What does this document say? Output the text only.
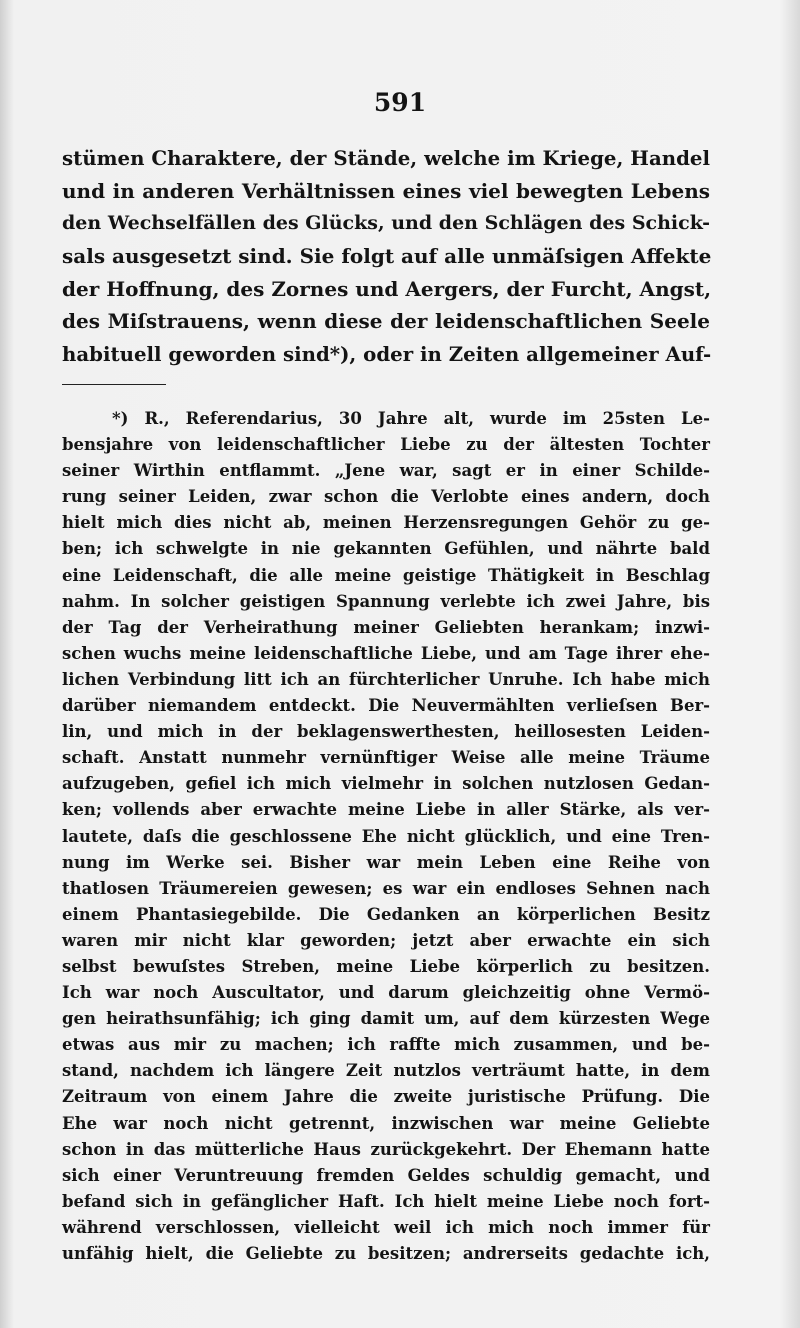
591
stümen Charaktere, der Stände, welche im Kriege, Handel
und in anderen Verhältnissen eines viel bewegten Lebens
den Wechselfällen des Glücks, und den Schlägen des Schick-
sals ausgesetzt sind. Sie folgt auf alle unmäſsigen Affekte
der Hoffnung, des Zornes und Aergers, der Furcht, Angst,
des Miſstrauens, wenn diese der leidenschaftlichen Seele
habituell geworden sind*), oder in Zeiten allgemeiner Auf-
*) R., Referendarius, 30 Jahre alt, wurde im 25sten Le-
bensjahre von leidenschaftlicher Liebe zu der ältesten Tochter
seiner Wirthin entflammt. „Jene war, sagt er in einer Schilde-
rung seiner Leiden, zwar schon die Verlobte eines andern, doch
hielt mich dies nicht ab, meinen Herzensregungen Gehör zu ge-
ben; ich schwelgte in nie gekannten Gefühlen, und nährte bald
eine Leidenschaft, die alle meine geistige Thätigkeit in Beschlag
nahm. In solcher geistigen Spannung verlebte ich zwei Jahre, bis
der Tag der Verheirathung meiner Geliebten herankam; inzwi-
schen wuchs meine leidenschaftliche Liebe, und am Tage ihrer ehe-
lichen Verbindung litt ich an fürchterlicher Unruhe. Ich habe mich
darüber niemandem entdeckt. Die Neuvermählten verlieſsen Ber-
lin, und mich in der beklagenswerthesten, heillosesten Leiden-
schaft. Anstatt nunmehr vernünftiger Weise alle meine Träume
aufzugeben, gefiel ich mich vielmehr in solchen nutzlosen Gedan-
ken; vollends aber erwachte meine Liebe in aller Stärke, als ver-
lautete, daſs die geschlossene Ehe nicht glücklich, und eine Tren-
nung im Werke sei. Bisher war mein Leben eine Reihe von
thatlosen Träumereien gewesen; es war ein endloses Sehnen nach
einem Phantasiegebilde. Die Gedanken an körperlichen Besitz
waren mir nicht klar geworden; jetzt aber erwachte ein sich
selbst bewuſstes Streben, meine Liebe körperlich zu besitzen.
Ich war noch Auscultator, und darum gleichzeitig ohne Vermö-
gen heirathsunfähig; ich ging damit um, auf dem kürzesten Wege
etwas aus mir zu machen; ich raffte mich zusammen, und be-
stand, nachdem ich längere Zeit nutzlos verträumt hatte, in dem
Zeitraum von einem Jahre die zweite juristische Prüfung. Die
Ehe war noch nicht getrennt, inzwischen war meine Geliebte
schon in das mütterliche Haus zurückgekehrt. Der Ehemann hatte
sich einer Veruntreuung fremden Geldes schuldig gemacht, und
befand sich in gefänglicher Haft. Ich hielt meine Liebe noch fort-
während verschlossen, vielleicht weil ich mich noch immer für
unfähig hielt, die Geliebte zu besitzen; andrerseits gedachte ich,
